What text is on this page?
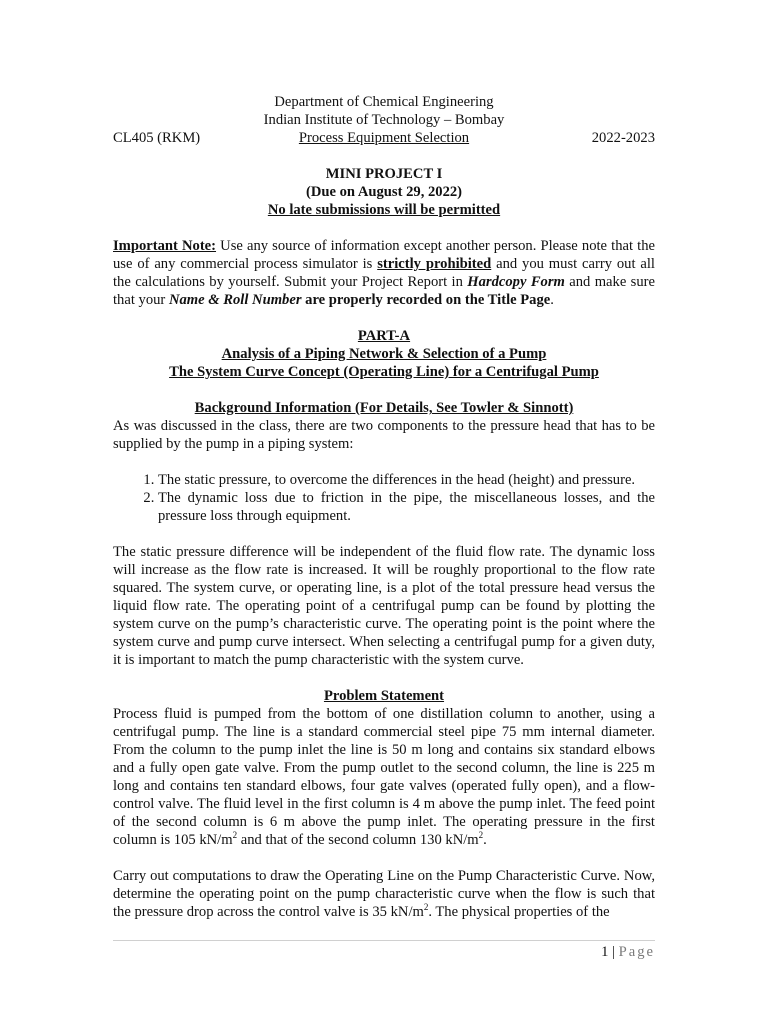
Department of Chemical Engineering

Indian Institute of Technology – Bombay

CL405 (RKM)	Process Equipment Selection	2022-2023

MINI PROJECT I

(Due on August 29, 2022)

No late submissions will be permitted

Important Note: Use any source of information except another person. Please note that the use of any commercial process simulator is strictly prohibited and you must carry out all the calculations by yourself. Submit your Project Report in Hardcopy Form and make sure that your Name & Roll Number are properly recorded on the Title Page.

PART-A

Analysis of a Piping Network & Selection of a Pump

The System Curve Concept (Operating Line) for a Centrifugal Pump

Background Information (For Details, See Towler & Sinnott)

As was discussed in the class, there are two components to the pressure head that has to be supplied by the pump in a piping system:

1. The static pressure, to overcome the differences in the head (height) and pressure.
2. The dynamic loss due to friction in the pipe, the miscellaneous losses, and the pressure loss through equipment.

The static pressure difference will be independent of the fluid flow rate. The dynamic loss will increase as the flow rate is increased. It will be roughly proportional to the flow rate squared. The system curve, or operating line, is a plot of the total pressure head versus the liquid flow rate. The operating point of a centrifugal pump can be found by plotting the system curve on the pump’s characteristic curve. The operating point is the point where the system curve and pump curve intersect. When selecting a centrifugal pump for a given duty, it is important to match the pump characteristic with the system curve.

Problem Statement

Process fluid is pumped from the bottom of one distillation column to another, using a centrifugal pump. The line is a standard commercial steel pipe 75 mm internal diameter. From the column to the pump inlet the line is 50 m long and contains six standard elbows and a fully open gate valve. From the pump outlet to the second column, the line is 225 m long and contains ten standard elbows, four gate valves (operated fully open), and a flow-control valve. The fluid level in the first column is 4 m above the pump inlet. The feed point of the second column is 6 m above the pump inlet. The operating pressure in the first column is 105 $kN/m^2$ and that of the second column 130 $kN/m^2$.

Carry out computations to draw the Operating Line on the Pump Characteristic Curve. Now, determine the operating point on the pump characteristic curve when the flow is such that the pressure drop across the control valve is 35 $kN/m^2$. The physical properties of the

1 | Page
